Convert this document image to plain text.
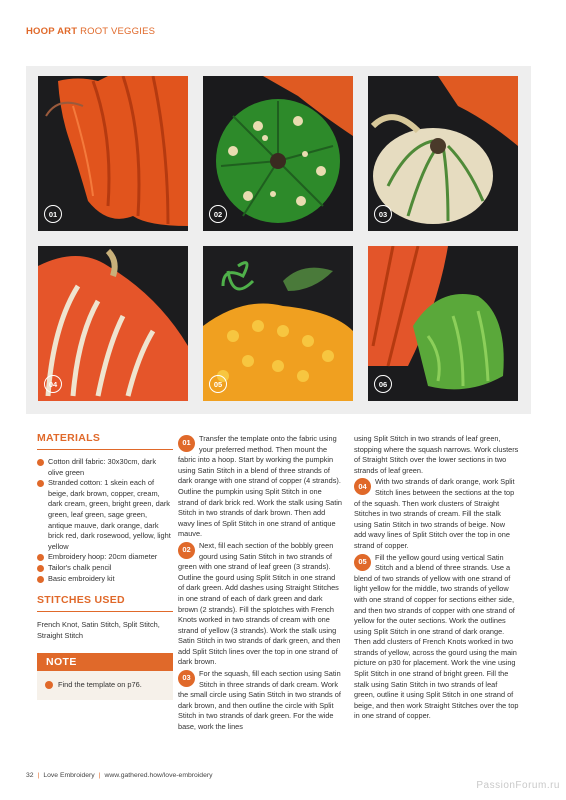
HOOP ART ROOT VEGGIES
01	02	03
04	05	06
MATERIALS
Cotton drill fabric: 30x30cm, dark olive green
Stranded cotton: 1 skein each of beige, dark brown, copper, cream, dark cream, green, bright green, dark green, leaf green, sage green, antique mauve, dark orange, dark brick red, dark rosewood, yellow, light yellow
Embroidery hoop: 20cm diameter
Tailor's chalk pencil
Basic embroidery kit
STITCHES USED
French Knot, Satin Stitch, Split Stitch, Straight Stitch
NOTE
Find the template on p76.
01	Transfer the template onto the fabric using your preferred method. Then mount the fabric into a hoop. Start by working the pumpkin using Satin Stitch in a blend of three strands of dark orange with one strand of copper (4 strands). Outline the pumpkin using Split Stitch in one strand of dark brick red. Work the stalk using Satin Stitch in two strands of dark brown. Then add wavy lines of Split Stitch in one strand of antique mauve.
02	Next, fill each section of the bobbly green gourd using Satin Stitch in two strands of green with one strand of leaf green (3 strands). Outline the gourd using Split Stitch in one strand of dark green. Add dashes using Straight Stitches in one strand of each of dark green and dark brown (2 strands). Fill the splotches with French Knots worked in two strands of cream with one strand of yellow (3 strands). Work the stalk using Satin Stitch in two strands of dark green, and then add Split Stitch lines over the top in one strand of dark brown.
03	For the squash, fill each section using Satin Stitch in three strands of dark cream. Work the small circle using Satin Stitch in two strands of dark brown, and then outline the circle with Split Stitch in two strands of dark green. For the wide base, work the lines
using Split Stitch in two strands of leaf green, stopping where the squash narrows. Work clusters of Straight Stitch over the lower sections in two strands of leaf green.
04	With two strands of dark orange, work Split Stitch lines between the sections at the top of the squash. Then work clusters of Straight Stitches in two strands of cream. Fill the stalk using Satin Stitch in two strands of beige. Now add wavy lines of Split Stitch over the top in one strand of copper.
05	Fill the yellow gourd using vertical Satin Stitch and a blend of three strands. Use a blend of two strands of yellow with one strand of light yellow for the middle, two strands of yellow with one strand of copper for sections either side, and then two strands of copper with one strand of yellow for the outer sections. Work the outlines using Split Stitch in one strand of dark orange. Then add clusters of French Knots worked in two strands of yellow, across the gourd using the main picture on p30 for placement. Work the vine using Split Stitch in one strand of bright green. Fill the stalk using Satin Stitch in two strands of leaf green, outline it using Split Stitch in one strand of beige, and then work Straight Stitches over the top in one strand of copper.
32 | Love Embroidery | www.gathered.how/love-embroidery
PassionForum.ru
